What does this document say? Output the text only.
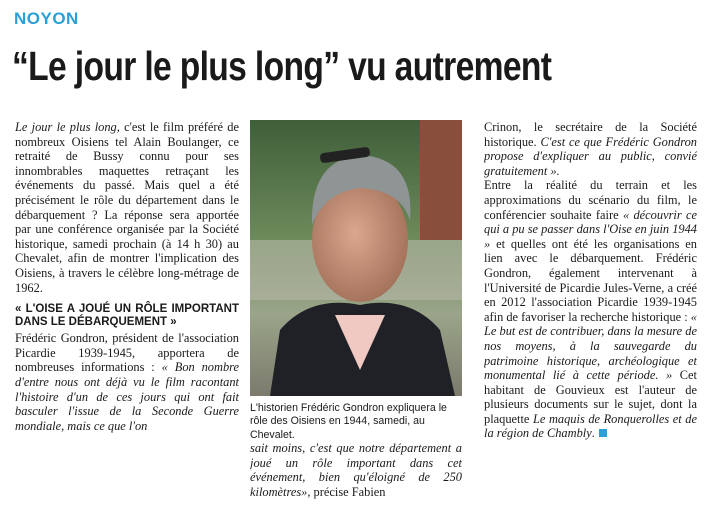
NOYON
“Le jour le plus long” vu autrement

Le jour le plus long, c'est le film préféré de nombreux Oisiens tel Alain Boulanger, ce retraité de Bussy connu pour ses innombrables maquettes retraçant les événements du passé. Mais quel a été précisément le rôle du département dans le débarquement ? La réponse sera apportée par une conférence organisée par la Société historique, samedi prochain (à 14 h 30) au Chevalet, afin de montrer l'implication des Oisiens, à travers le célèbre long-métrage de 1962.

« L'OISE A JOUÉ UN RÔLE IMPORTANT DANS LE DÉBARQUEMENT »

Frédéric Gondron, président de l'association Picardie 1939-1945, apportera de nombreuses informations : « Bon nombre d'entre nous ont déjà vu le film racontant l'histoire d'un de ces jours qui ont fait basculer l'issue de la Seconde Guerre mondiale, mais ce que l'on

L'historien Frédéric Gondron expliquera le rôle des Oisiens en 1944, samedi, au Chevalet.

sait moins, c'est que notre département a joué un rôle important dans cet événement, bien qu'éloigné de 250 kilomètres», précise Fabien

Crinon, le secrétaire de la Société historique. C'est ce que Frédéric Gondron propose d'expliquer au public, convié gratuitement ».

Entre la réalité du terrain et les approximations du scénario du film, le conférencier souhaite faire « découvrir ce qui a pu se passer dans l'Oise en juin 1944 » et quelles ont été les organisations en lien avec le débarquement. Frédéric Gondron, également intervenant à l'Université de Picardie Jules-Verne, a créé en 2012 l'association Picardie 1939-1945 afin de favoriser la recherche historique : « Le but est de contribuer, dans la mesure de nos moyens, à la sauvegarde du patrimoine historique, archéologique et monumental lié à cette période. » Cet habitant de Gouvieux est l'auteur de plusieurs documents sur le sujet, dont la plaquette Le maquis de Ronquerolles et de la région de Chambly.
